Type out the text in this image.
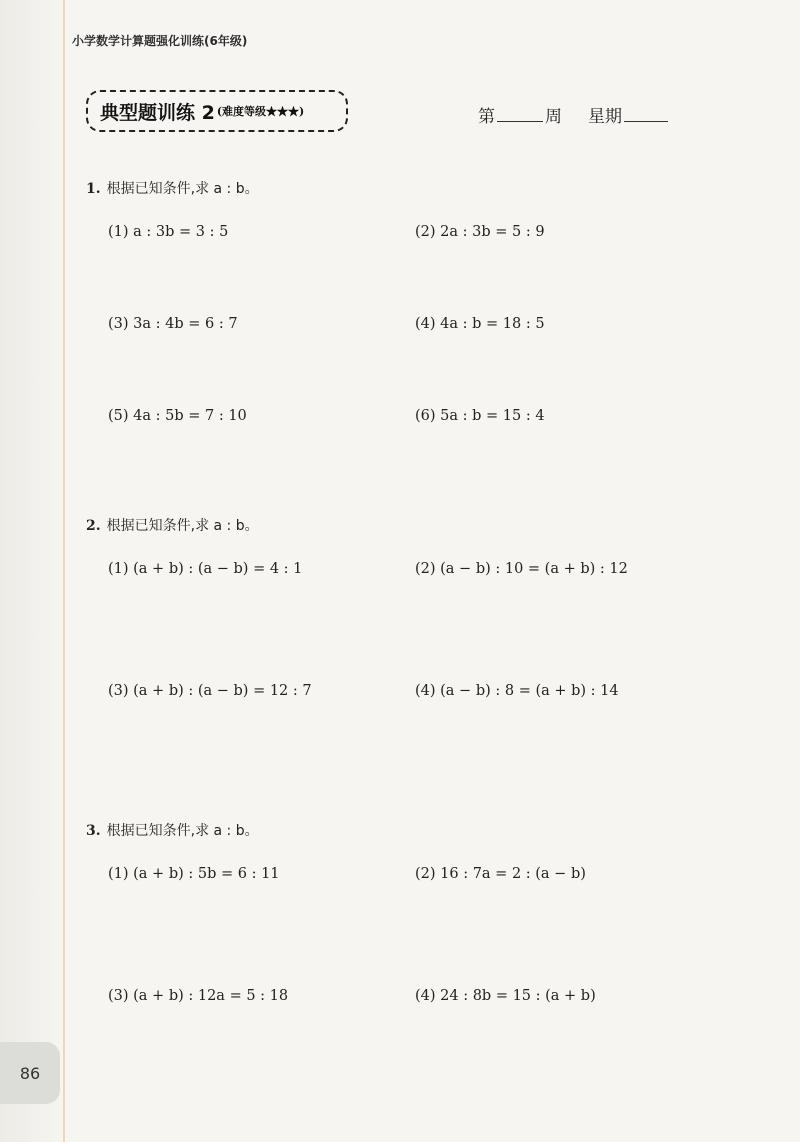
小学数学计算题强化训练(6年级)
典型题训练 2 (难度等级★★★)	第	周 星期
1. 根据已知条件,求 a : b。
(1) a : 3b = 3 : 5	(2) 2a : 3b = 5 : 9
(3) 3a : 4b = 6 : 7	(4) 4a : b = 18 : 5
(5) 4a : 5b = 7 : 10	(6) 5a : b = 15 : 4
2. 根据已知条件,求 a : b。
(1) (a + b) : (a − b) = 4 : 1	(2) (a − b) : 10 = (a + b) : 12
(3) (a + b) : (a − b) = 12 : 7	(4) (a − b) : 8 = (a + b) : 14
3. 根据已知条件,求 a : b。
(1) (a + b) : 5b = 6 : 11	(2) 16 : 7a = 2 : (a − b)
(3) (a + b) : 12a = 5 : 18	(4) 24 : 8b = 15 : (a + b)
86
